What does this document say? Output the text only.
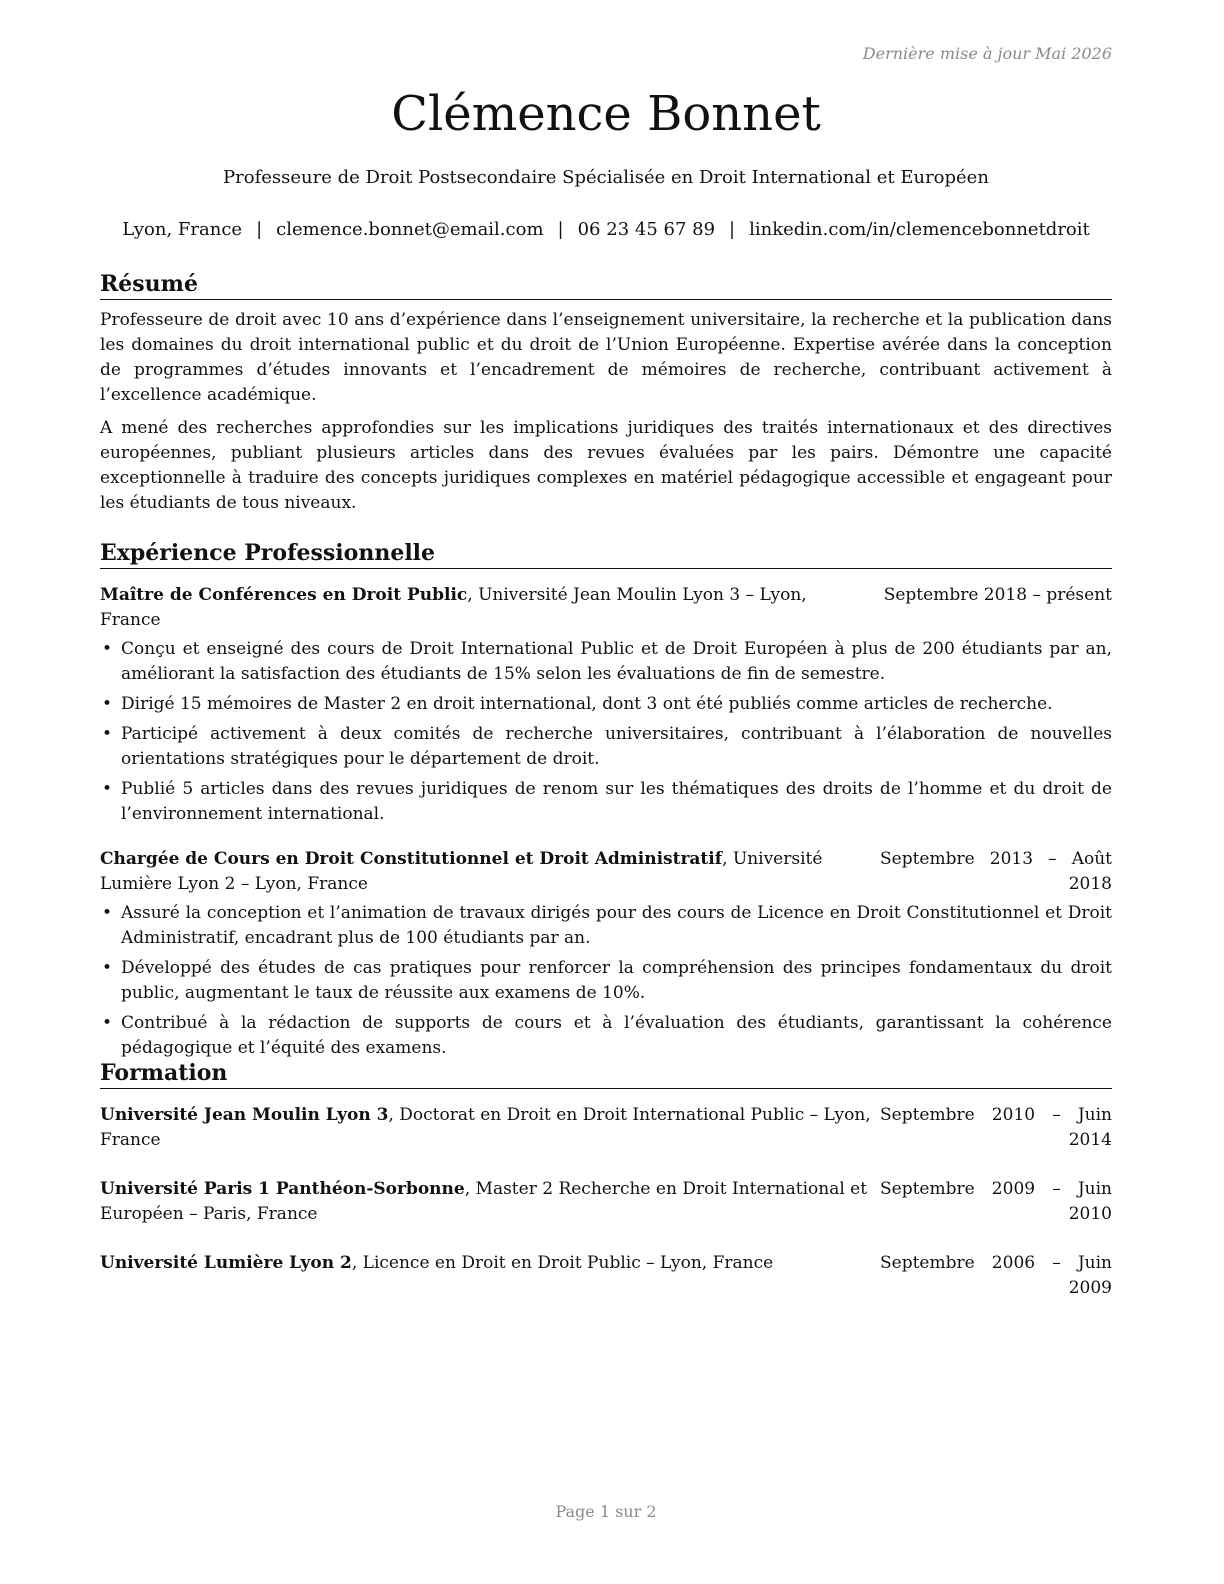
Dernière mise à jour Mai 2026
Clémence Bonnet
Professeure de Droit Postsecondaire Spécialisée en Droit International et Européen
Lyon, France | clemence.bonnet@email.com | 06 23 45 67 89 | linkedin.com/in/clemencebonnetdroit
Résumé

Professeure de droit avec 10 ans d’expérience dans l’enseignement universitaire, la recherche et la publication dans les domaines du droit international public et du droit de l’Union Européenne. Expertise avérée dans la conception de programmes d’études innovants et l’encadrement de mémoires de recherche, contribuant activement à l’excellence académique.

A mené des recherches approfondies sur les implications juridiques des traités internationaux et des directives européennes, publiant plusieurs articles dans des revues évaluées par les pairs. Démontre une capacité exceptionnelle à traduire des concepts juridiques complexes en matériel pédagogique accessible et engageant pour les étudiants de tous niveaux.

Expérience Professionnelle
Maître de Conférences en Droit Public, Université Jean Moulin Lyon 3 – Lyon, France
Septembre 2018 – présent
• Conçu et enseigné des cours de Droit International Public et de Droit Européen à plus de 200 étudiants par an, améliorant la satisfaction des étudiants de 15% selon les évaluations de fin de semestre.
• Dirigé 15 mémoires de Master 2 en droit international, dont 3 ont été publiés comme articles de recherche.
• Participé activement à deux comités de recherche universitaires, contribuant à l’élaboration de nouvelles orientations stratégiques pour le département de droit.
• Publié 5 articles dans des revues juridiques de renom sur les thématiques des droits de l’homme et du droit de l’environnement international.
Chargée de Cours en Droit Constitutionnel et Droit Administratif, Université Lumière Lyon 2 – Lyon, France
Septembre 2013 – Août 2018
• Assuré la conception et l’animation de travaux dirigés pour des cours de Licence en Droit Constitutionnel et Droit Administratif, encadrant plus de 100 étudiants par an.
• Développé des études de cas pratiques pour renforcer la compréhension des principes fondamentaux du droit public, augmentant le taux de réussite aux examens de 10%.
• Contribué à la rédaction de supports de cours et à l’évaluation des étudiants, garantissant la cohérence pédagogique et l’équité des examens.
Formation
Université Jean Moulin Lyon 3, Doctorat en Droit en Droit International Public – Lyon, France
Septembre 2010 – Juin 2014
Université Paris 1 Panthéon-Sorbonne, Master 2 Recherche en Droit International et Européen – Paris, France
Septembre 2009 – Juin 2010
Université Lumière Lyon 2, Licence en Droit en Droit Public – Lyon, France	Septembre 2006 – Juin 2009
Page 1 sur 2
